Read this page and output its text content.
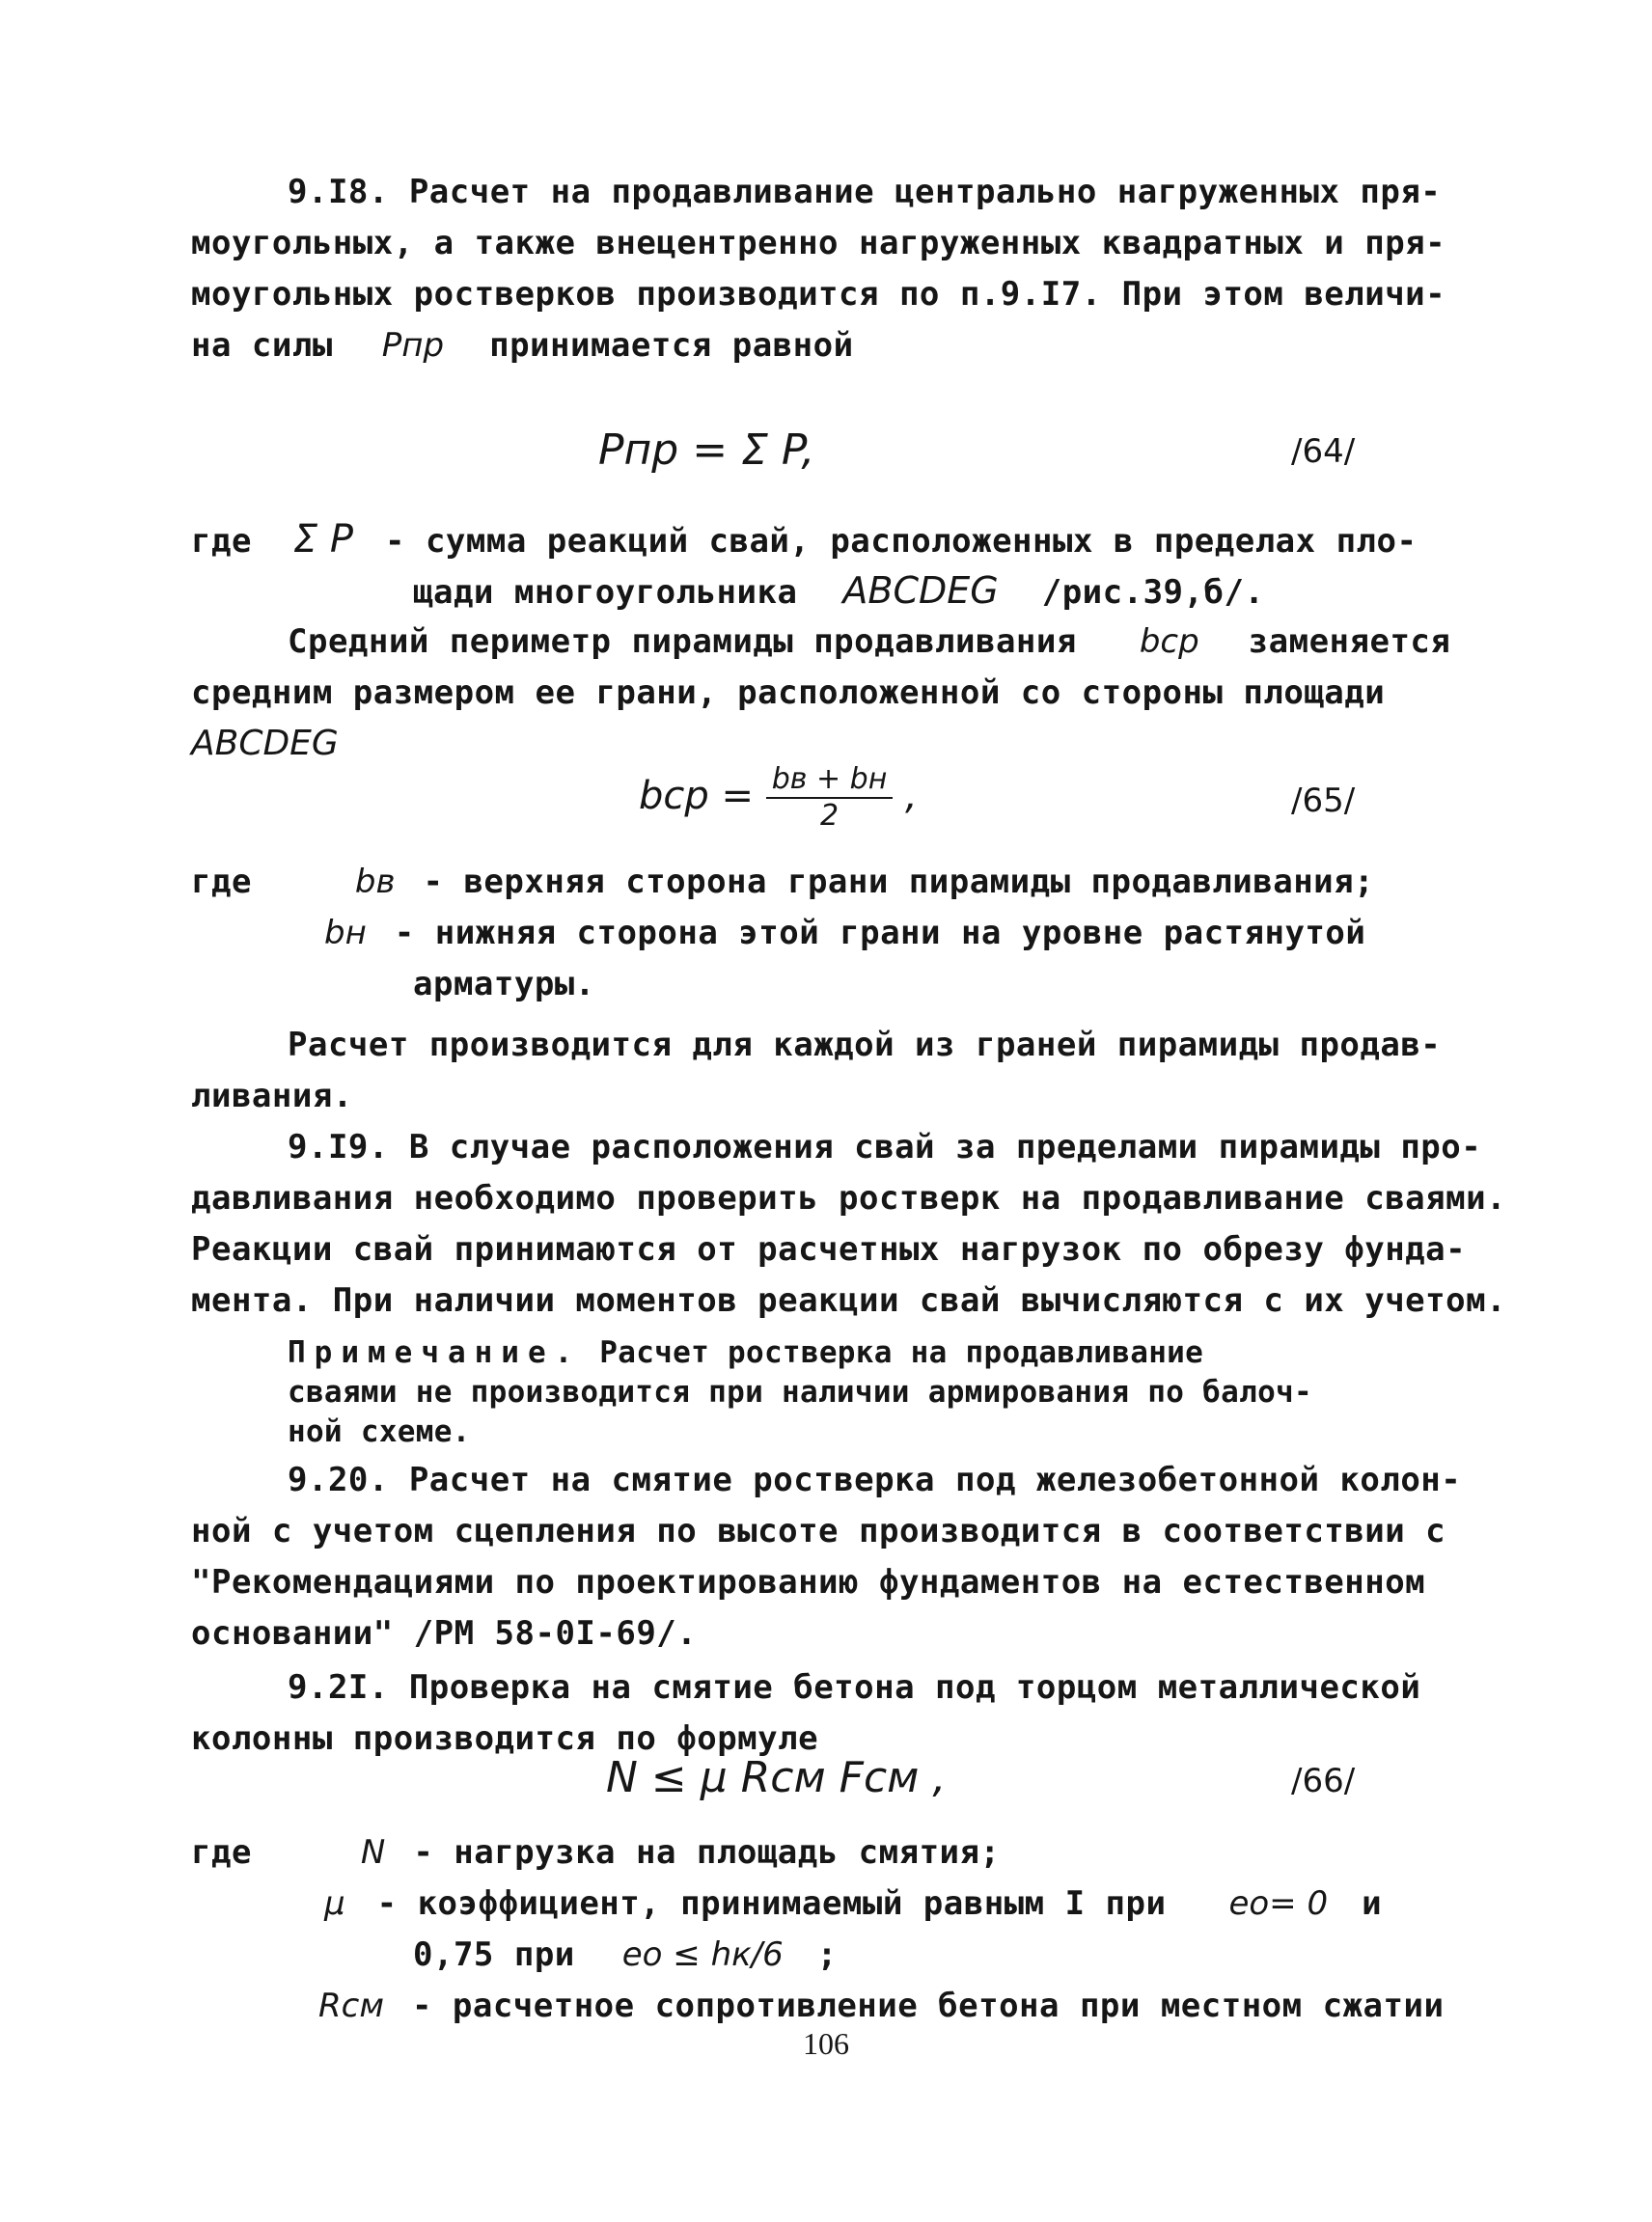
9.I8. Расчет на продавливание центрально нагруженных пря-
моугольных, а также внецентренно нагруженных квадратных и пря-
моугольных ростверков производится по п.9.I7. При этом величи-
на силы Pпр принимается равной
Pпр = Σ P,	/64/
где Σ P - сумма реакций свай, расположенных в пределах пло-
щади многоугольника ABCDEG /рис.39,б/.
Средний периметр пирамиды продавливания bср заменяется
средним размером ее грани, расположенной со стороны площади
ABCDEG
bср = $\frac{bв + bн}{2}$ ,	/65/
где	bв - верхняя сторона грани пирамиды продавливания;
bн - нижняя сторона этой грани на уровне растянутой
арматуры.
Расчет производится для каждой из граней пирамиды продав-
ливания.
9.I9. В случае расположения свай за пределами пирамиды про-
давливания необходимо проверить ростверк на продавливание сваями.
Реакции свай принимаются от расчетных нагрузок по обрезу фунда-
мента. При наличии моментов реакции свай вычисляются с их учетом.
Примечание. Расчет ростверка на продавливание
сваями не производится при наличии армирования по балоч-
ной схеме.
9.20. Расчет на смятие ростверка под железобетонной колон-
ной с учетом сцепления по высоте производится в соответствии с
"Рекомендациями по проектированию фундаментов на естественном
основании" /РМ 58-0I-69/.
9.2I. Проверка на смятие бетона под торцом металлической
колонны производится по формуле
N ≤ μ Rсм Fсм ,	/66/
где	N - нагрузка на площадь смятия;
μ - коэффициент, принимаемый равным I при eo= 0 и
0,75 при eo ≤ hк/6 ;
Rсм - расчетное сопротивление бетона при местном сжатии
106
